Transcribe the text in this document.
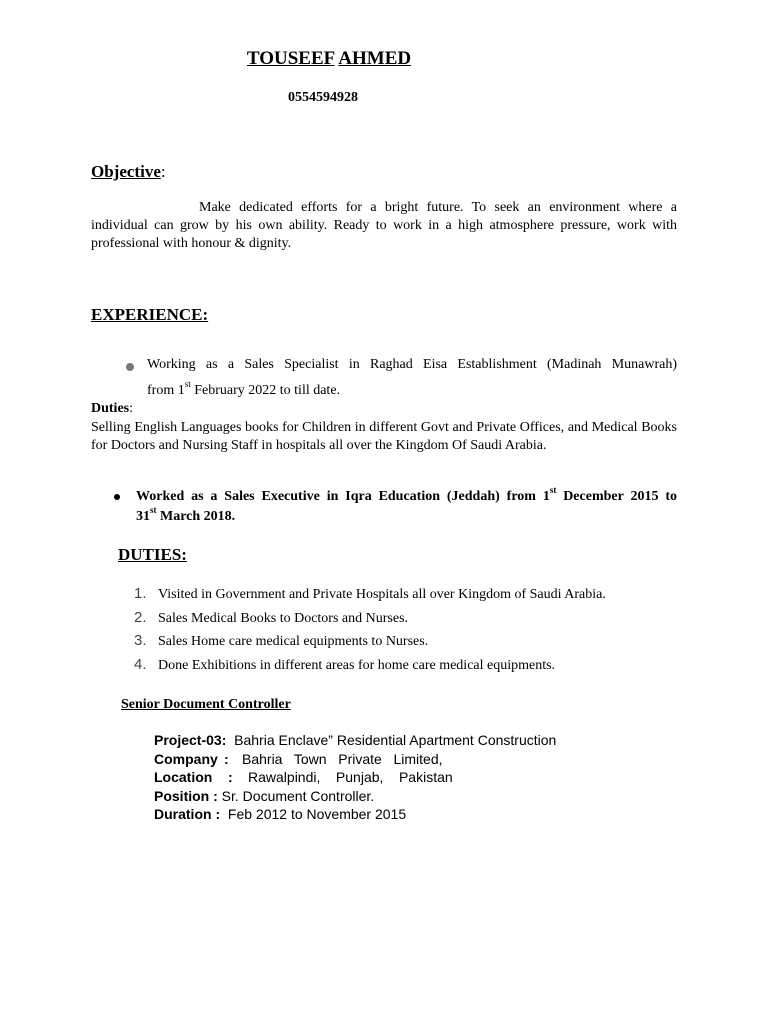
TOUSEEF AHMED
0554594928
Objective:
Make dedicated efforts for a bright future. To seek an environment where a individual can grow by his own ability. Ready to work in a high atmosphere pressure, work with professional with honour & dignity.
EXPERIENCE:
Working as a Sales Specialist in Raghad Eisa Establishment (Madinah Munawrah)
from 1st February 2022 to till date.
Duties:
Selling English Languages books for Children in different Govt and Private Offices, and Medical Books for Doctors and Nursing Staff in hospitals all over the Kingdom Of Saudi Arabia.
Worked as a Sales Executive in Iqra Education (Jeddah) from 1st December 2015 to
31st March 2018.
DUTIES:
1. Visited in Government and Private Hospitals all over Kingdom of Saudi Arabia.
2. Sales Medical Books to Doctors and Nurses.
3. Sales Home care medical equipments to Nurses.
4. Done Exhibitions in different areas for home care medical equipments.
Senior Document Controller
Project-03: Bahria Enclave” Residential Apartment Construction
Company : Bahria   Town   Private   Limited,
Location : Rawalpindi,    Punjab,    Pakistan
Position : Sr. Document Controller.
Duration : Feb 2012 to November 2015
